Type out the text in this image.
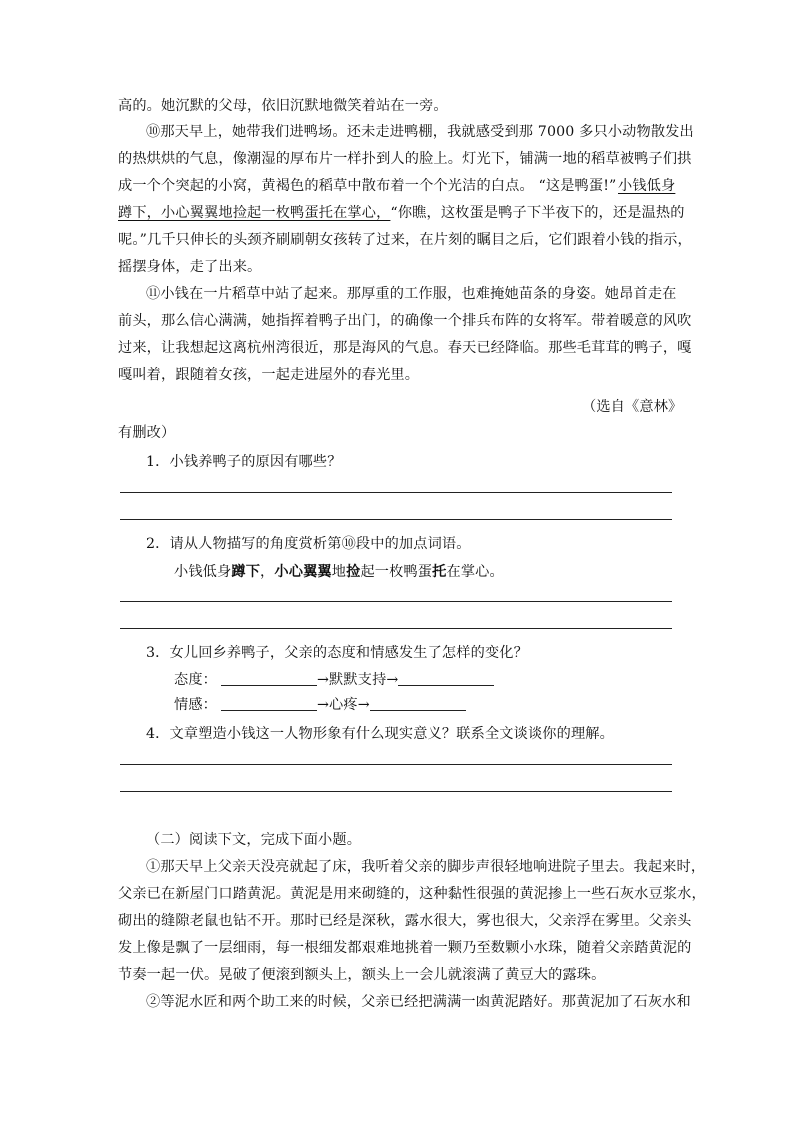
高的。她沉默的父母，依旧沉默地微笑着站在一旁。
⑩那天早上，她带我们进鸭场。还未走进鸭棚，我就感受到那 7000 多只小动物散发出
的热烘烘的气息，像潮湿的厚布片一样扑到人的脸上。灯光下，铺满一地的稻草被鸭子们拱
成一个个突起的小窝，黄褐色的稻草中散布着一个个光洁的白点。 “这是鸭蛋!” 小钱低身
蹲下，小心翼翼地捡起一枚鸭蛋托在掌心，“你瞧，这枚蛋是鸭子下半夜下的，还是温热的
呢。”几千只伸长的头颈齐刷刷朝女孩转了过来，在片刻的瞩目之后，它们跟着小钱的指示，
摇摆身体，走了出来。
⑪小钱在一片稻草中站了起来。那厚重的工作服，也难掩她苗条的身姿。她昂首走在
前头，那么信心满满，她指挥着鸭子出门，的确像一个排兵布阵的女将军。带着暖意的风吹
过来，让我想起这离杭州湾很近，那是海风的气息。春天已经降临。那些毛茸茸的鸭子，嘎
嘎叫着，跟随着女孩，一起走进屋外的春光里。
（选自《意林》
有删改）
1．小钱养鸭子的原因有哪些？
2．请从人物描写的角度赏析第⑩段中的加点词语。
小钱低身蹲下，小心翼翼地捡起一枚鸭蛋托在掌心。
3．女儿回乡养鸭子，父亲的态度和情感发生了怎样的变化？
态度：	→默默支持→
情感：	→心疼→
4．文章塑造小钱这一人物形象有什么现实意义？联系全文谈谈你的理解。
（二）阅读下文，完成下面小题。
①那天早上父亲天没亮就起了床，我听着父亲的脚步声很轻地响进院子里去。我起来时，
父亲已在新屋门口踏黄泥。黄泥是用来砌缝的，这种黏性很强的黄泥掺上一些石灰水豆浆水，
砌出的缝隙老鼠也钻不开。那时已经是深秋，露水很大，雾也很大，父亲浮在雾里。父亲头
发上像是飘了一层细雨，每一根细发都艰难地挑着一颗乃至数颗小水珠，随着父亲踏黄泥的
节奏一起一伏。晃破了便滚到额头上，额头上一会儿就滚满了黄豆大的露珠。
②等泥水匠和两个助工来的时候，父亲已经把满满一凼黄泥踏好。那黄泥加了石灰水和
